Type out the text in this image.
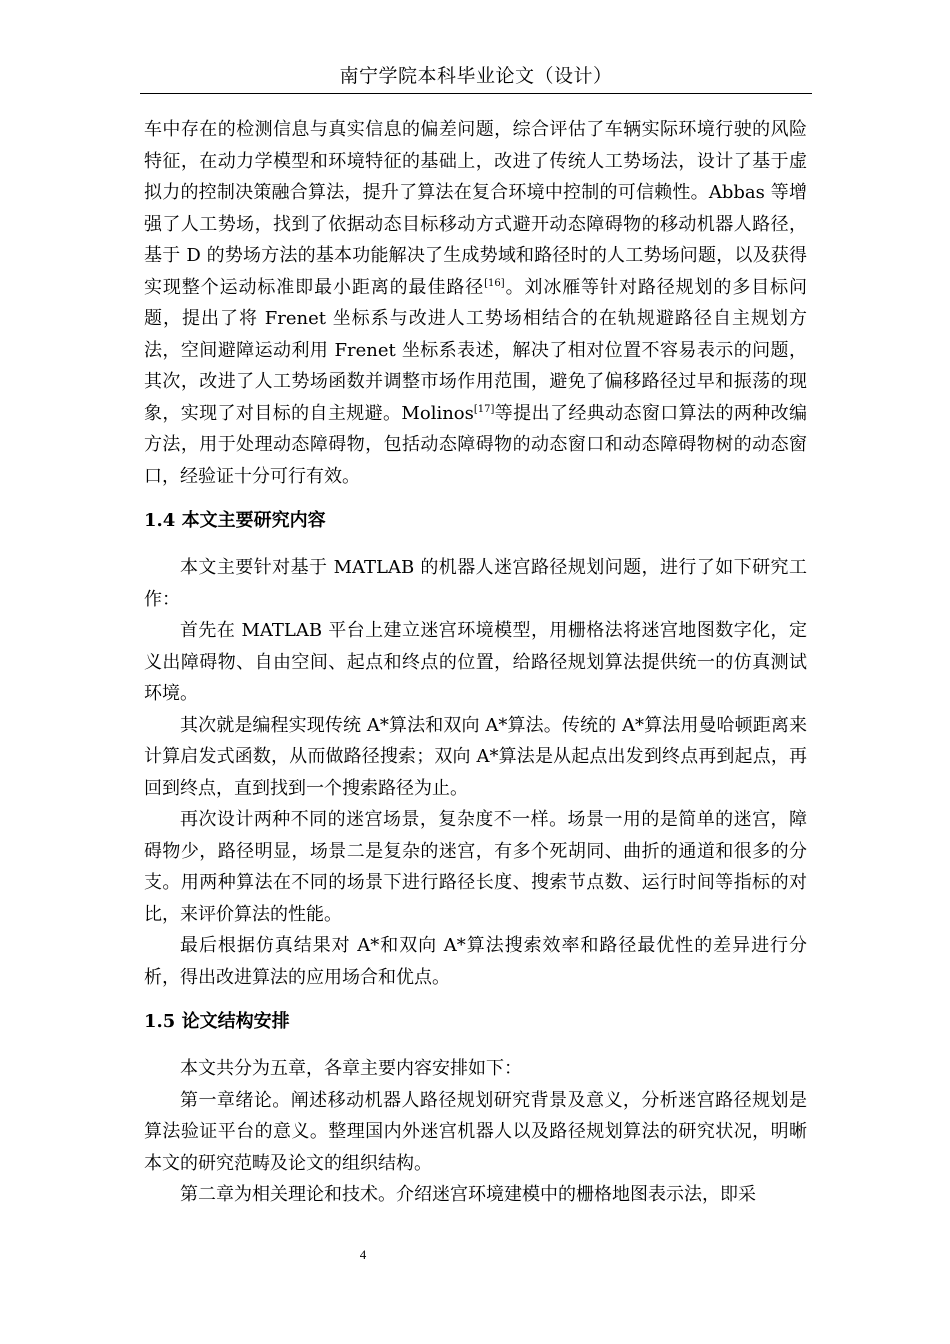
南宁学院本科毕业论文（设计）

车中存在的检测信息与真实信息的偏差问题，综合评估了车辆实际环境行驶的风险特征，在动力学模型和环境特征的基础上，改进了传统人工势场法，设计了基于虚拟力的控制决策融合算法，提升了算法在复合环境中控制的可信赖性。Abbas 等增强了人工势场，找到了依据动态目标移动方式避开动态障碍物的移动机器人路径，基于 D 的势场方法的基本功能解决了生成势域和路径时的人工势场问题，以及获得实现整个运动标准即最小距离的最佳路径[16]。刘冰雁等针对路径规划的多目标问题，提出了将 Frenet 坐标系与改进人工势场相结合的在轨规避路径自主规划方法，空间避障运动利用 Frenet 坐标系表述，解决了相对位置不容易表示的问题，其次，改进了人工势场函数并调整市场作用范围，避免了偏移路径过早和振荡的现象，实现了对目标的自主规避。Molinos[17]等提出了经典动态窗口算法的两种改编方法，用于处理动态障碍物，包括动态障碍物的动态窗口和动态障碍物树的动态窗口，经验证十分可行有效。

1.4 本文主要研究内容

本文主要针对基于 MATLAB 的机器人迷宫路径规划问题，进行了如下研究工作：

首先在 MATLAB 平台上建立迷宫环境模型，用栅格法将迷宫地图数字化，定义出障碍物、自由空间、起点和终点的位置，给路径规划算法提供统一的仿真测试环境。

其次就是编程实现传统 A*算法和双向 A*算法。传统的 A*算法用曼哈顿距离来计算启发式函数，从而做路径搜索；双向 A*算法是从起点出发到终点再到起点，再回到终点，直到找到一个搜索路径为止。

再次设计两种不同的迷宫场景，复杂度不一样。场景一用的是简单的迷宫，障碍物少，路径明显，场景二是复杂的迷宫，有多个死胡同、曲折的通道和很多的分支。用两种算法在不同的场景下进行路径长度、搜索节点数、运行时间等指标的对比，来评价算法的性能。

最后根据仿真结果对 A*和双向 A*算法搜索效率和路径最优性的差异进行分析，得出改进算法的应用场合和优点。

1.5 论文结构安排

本文共分为五章，各章主要内容安排如下：

第一章绪论。阐述移动机器人路径规划研究背景及意义，分析迷宫路径规划是算法验证平台的意义。整理国内外迷宫机器人以及路径规划算法的研究状况，明晰本文的研究范畴及论文的组织结构。

第二章为相关理论和技术。介绍迷宫环境建模中的栅格地图表示法，即采

4
